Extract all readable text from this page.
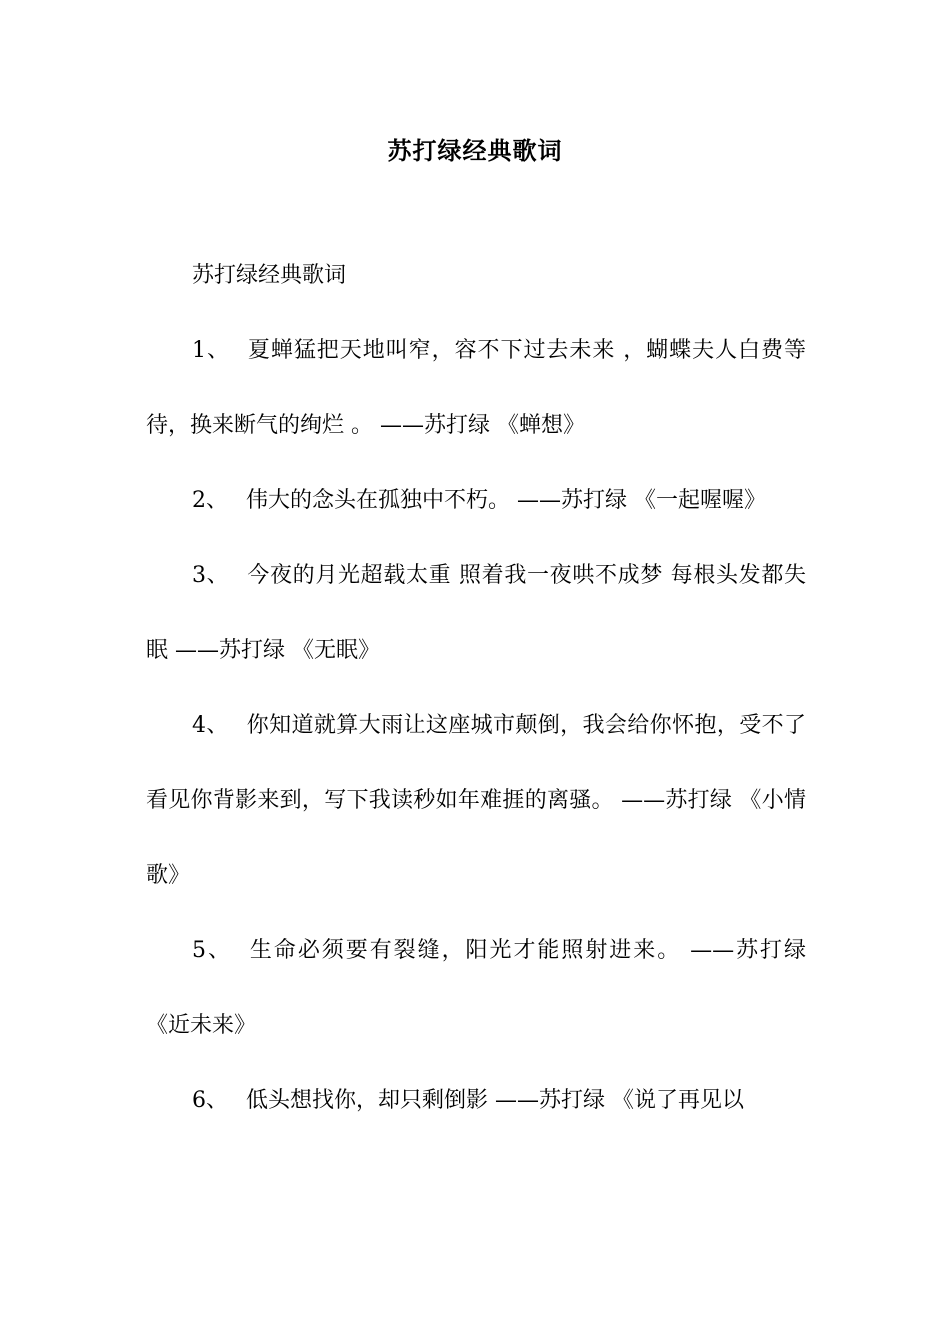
苏打绿经典歌词

苏打绿经典歌词

1、 夏蝉猛把天地叫窄，容不下过去未来 ，蝴蝶夫人白费等待，换来断气的绚烂 。 ——苏打绿 《蝉想》

2、 伟大的念头在孤独中不朽。 ——苏打绿 《一起喔喔》

3、 今夜的月光超载太重 照着我一夜哄不成梦 每根头发都失眠 ——苏打绿 《无眠》

4、 你知道就算大雨让这座城市颠倒，我会给你怀抱，受不了看见你背影来到，写下我读秒如年难捱的离骚。 ——苏打绿 《小情歌》

5、 生命必须要有裂缝，阳光才能照射进来。 ——苏打绿 《近未来》

6、 低头想找你，却只剩倒影 ——苏打绿 《说了再见以
